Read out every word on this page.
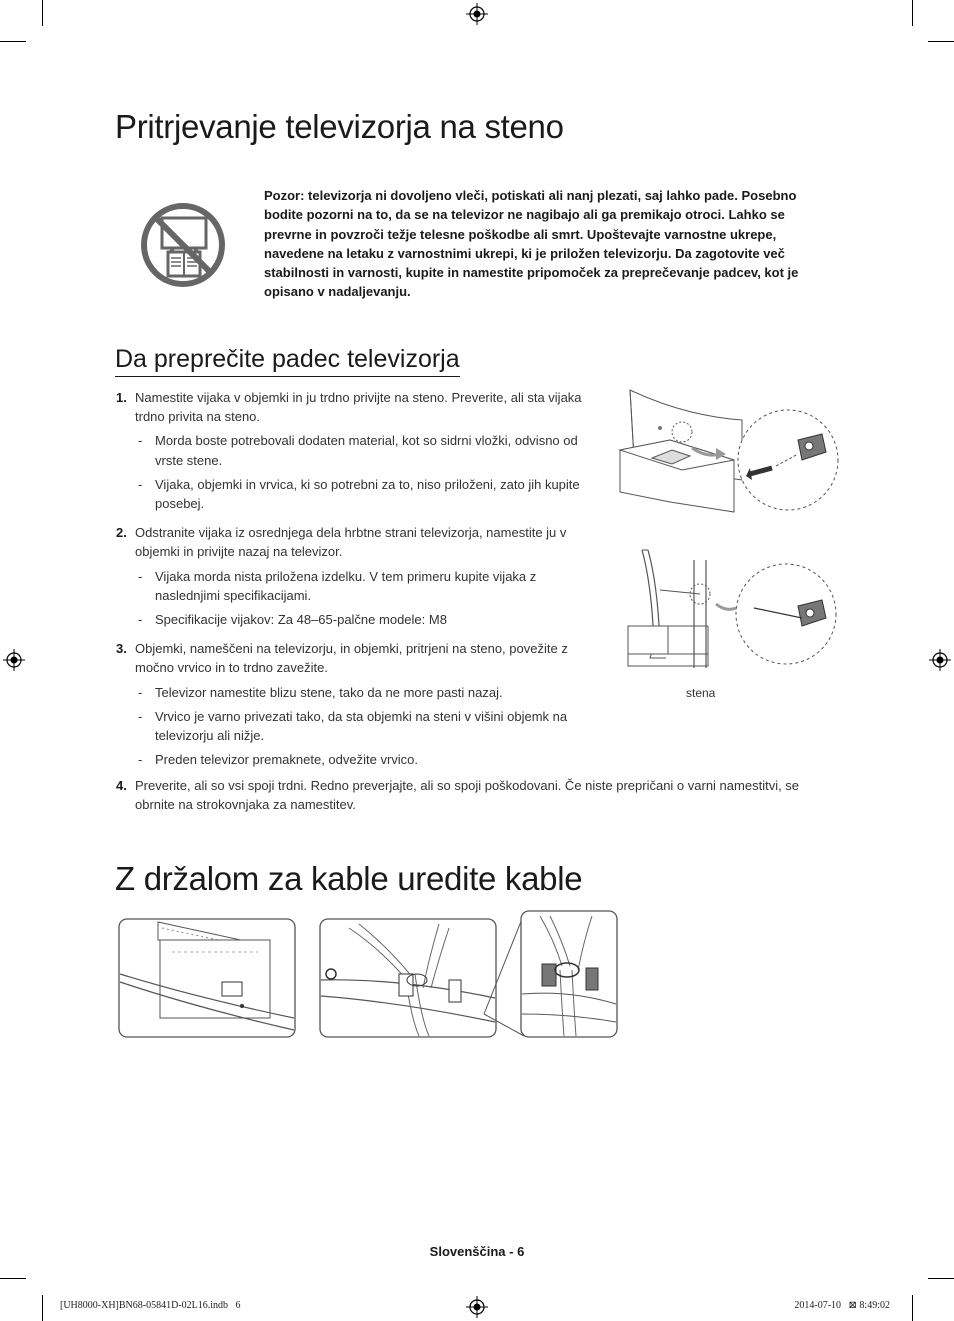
Pritrjevanje televizorja na steno
Pozor: televizorja ni dovoljeno vleči, potiskati ali nanj plezati, saj lahko pade. Posebno bodite pozorni na to, da se na televizor ne nagibajo ali ga premikajo otroci. Lahko se prevrne in povzroči težje telesne poškodbe ali smrt. Upoštevajte varnostne ukrepe, navedene na letaku z varnostnimi ukrepi, ki je priložen televizorju. Da zagotovite več stabilnosti in varnosti, kupite in namestite pripomoček za preprečevanje padcev, kot je opisano v nadaljevanju.
Da preprečite padec televizorja
1. Namestite vijaka v objemki in ju trdno privijte na steno. Preverite, ali sta vijaka trdno privita na steno.
- Morda boste potrebovali dodaten material, kot so sidrni vložki, odvisno od vrste stene.
- Vijaka, objemki in vrvica, ki so potrebni za to, niso priloženi, zato jih kupite posebej.
2. Odstranite vijaka iz osrednjega dela hrbtne strani televizorja, namestite ju v objemki in privijte nazaj na televizor.
- Vijaka morda nista priložena izdelku. V tem primeru kupite vijaka z naslednjimi specifikacijami.
- Specifikacije vijakov: Za 48–65-palčne modele: M8
3. Objemki, nameščeni na televizorju, in objemki, pritrjeni na steno, povežite z močno vrvico in to trdno zavežite.
- Televizor namestite blizu stene, tako da ne more pasti nazaj.
- Vrvico je varno privezati tako, da sta objemki na steni v višini objemk na televizorju ali nižje.
- Preden televizor premaknete, odvežite vrvico.
4. Preverite, ali so vsi spoji trdni. Redno preverjajte, ali so spoji poškodovani. Če niste prepričani o varni namestitvi, se obrnite na strokovnjaka za namestitev.
stena
Z držalom za kable uredite kable
Slovenščina - 6
[UH8000-XH]BN68-05841D-02L16.indb   6	2014-07-10   ⊠ 8:49:02
